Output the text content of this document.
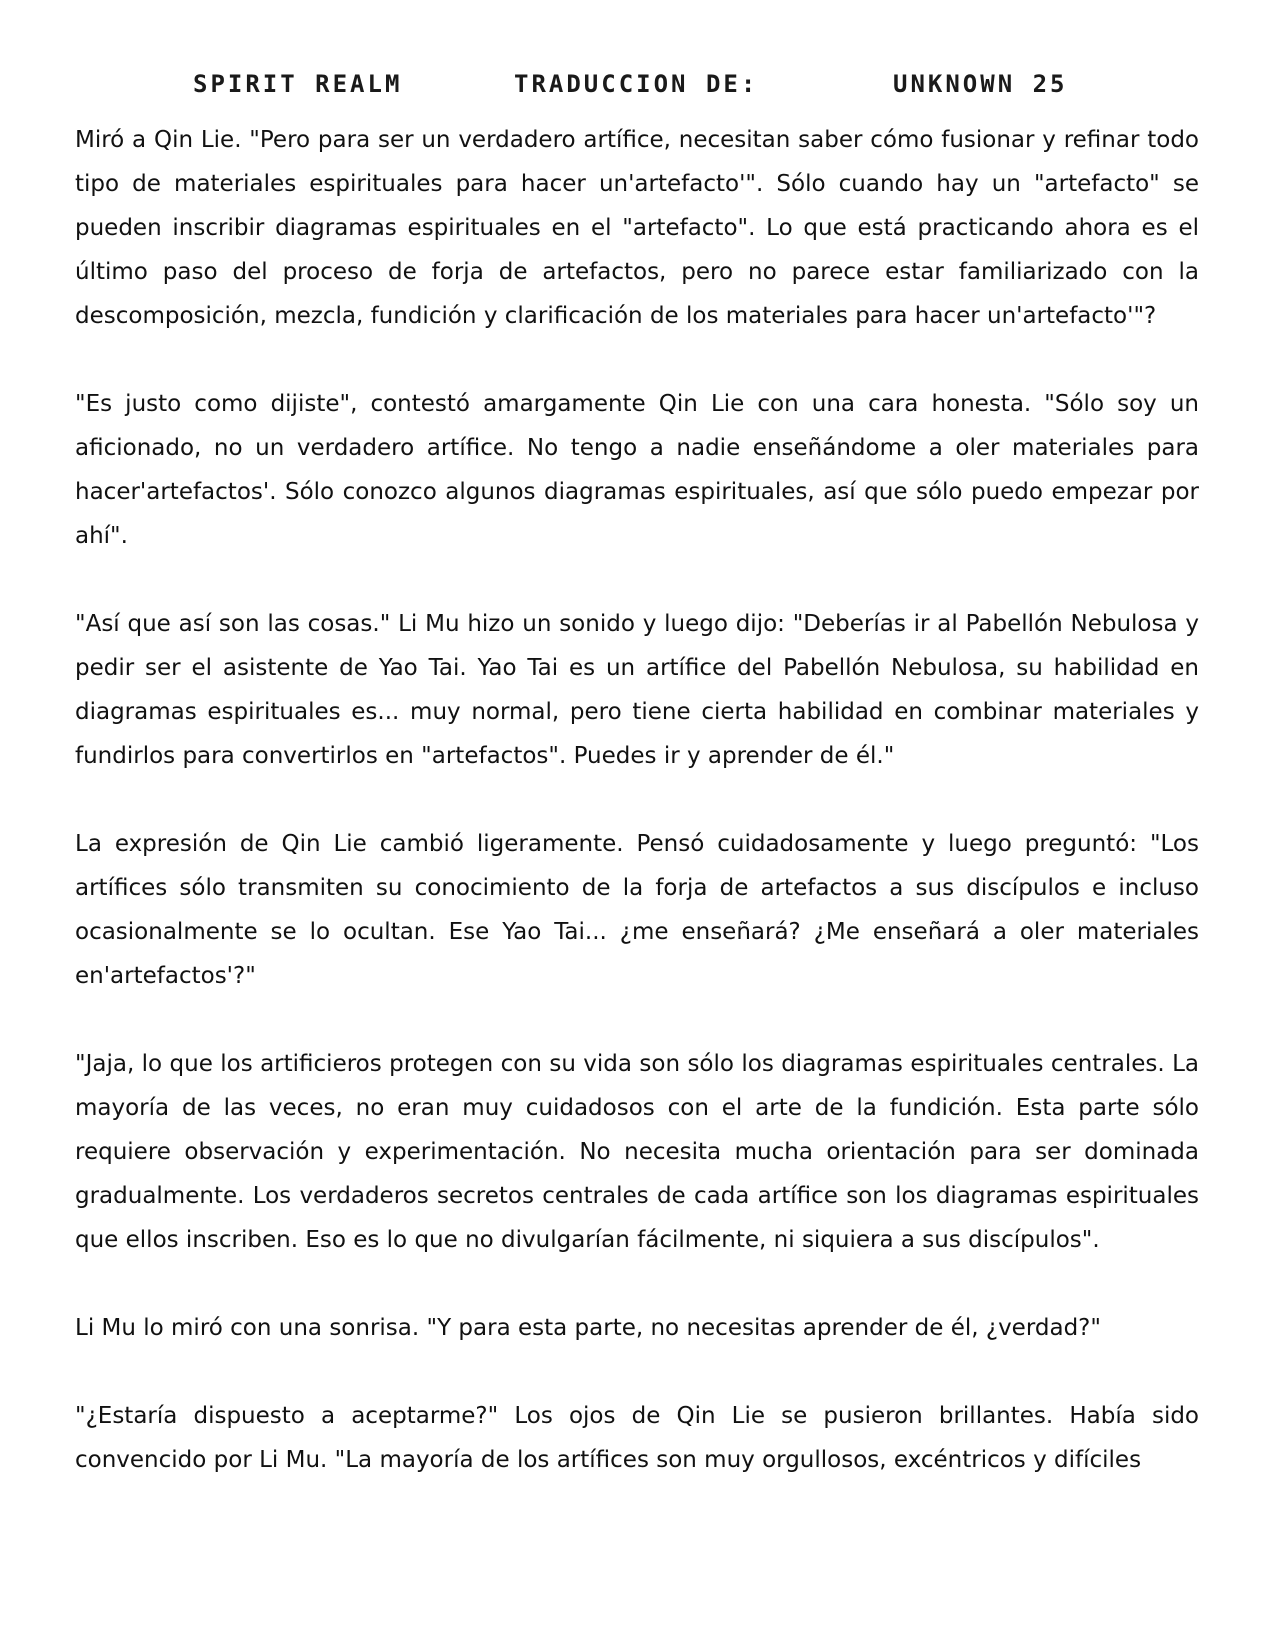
SPIRIT REALM	TRADUCCION DE:	UNKNOWN 25

Miró a Qin Lie. "Pero para ser un verdadero artífice, necesitan saber cómo fusionar y refinar todo tipo de materiales espirituales para hacer un'artefacto'". Sólo cuando hay un "artefacto" se pueden inscribir diagramas espirituales en el "artefacto". Lo que está practicando ahora es el último paso del proceso de forja de artefactos, pero no parece estar familiarizado con la descomposición, mezcla, fundición y clarificación de los materiales para hacer un'artefacto'"?

"Es justo como dijiste", contestó amargamente Qin Lie con una cara honesta. "Sólo soy un aficionado, no un verdadero artífice. No tengo a nadie enseñándome a oler materiales para hacer'artefactos'. Sólo conozco algunos diagramas espirituales, así que sólo puedo empezar por ahí".

"Así que así son las cosas." Li Mu hizo un sonido y luego dijo: "Deberías ir al Pabellón Nebulosa y pedir ser el asistente de Yao Tai. Yao Tai es un artífice del Pabellón Nebulosa, su habilidad en diagramas espirituales es... muy normal, pero tiene cierta habilidad en combinar materiales y fundirlos para convertirlos en "artefactos". Puedes ir y aprender de él."

La expresión de Qin Lie cambió ligeramente. Pensó cuidadosamente y luego preguntó: "Los artífices sólo transmiten su conocimiento de la forja de artefactos a sus discípulos e incluso ocasionalmente se lo ocultan. Ese Yao Tai... ¿me enseñará? ¿Me enseñará a oler materiales en'artefactos'?"

"Jaja, lo que los artificieros protegen con su vida son sólo los diagramas espirituales centrales. La mayoría de las veces, no eran muy cuidadosos con el arte de la fundición. Esta parte sólo requiere observación y experimentación. No necesita mucha orientación para ser dominada gradualmente. Los verdaderos secretos centrales de cada artífice son los diagramas espirituales que ellos inscriben. Eso es lo que no divulgarían fácilmente, ni siquiera a sus discípulos".

Li Mu lo miró con una sonrisa. "Y para esta parte, no necesitas aprender de él, ¿verdad?"

"¿Estaría dispuesto a aceptarme?" Los ojos de Qin Lie se pusieron brillantes. Había sido convencido por Li Mu. "La mayoría de los artífices son muy orgullosos, excéntricos y difíciles
